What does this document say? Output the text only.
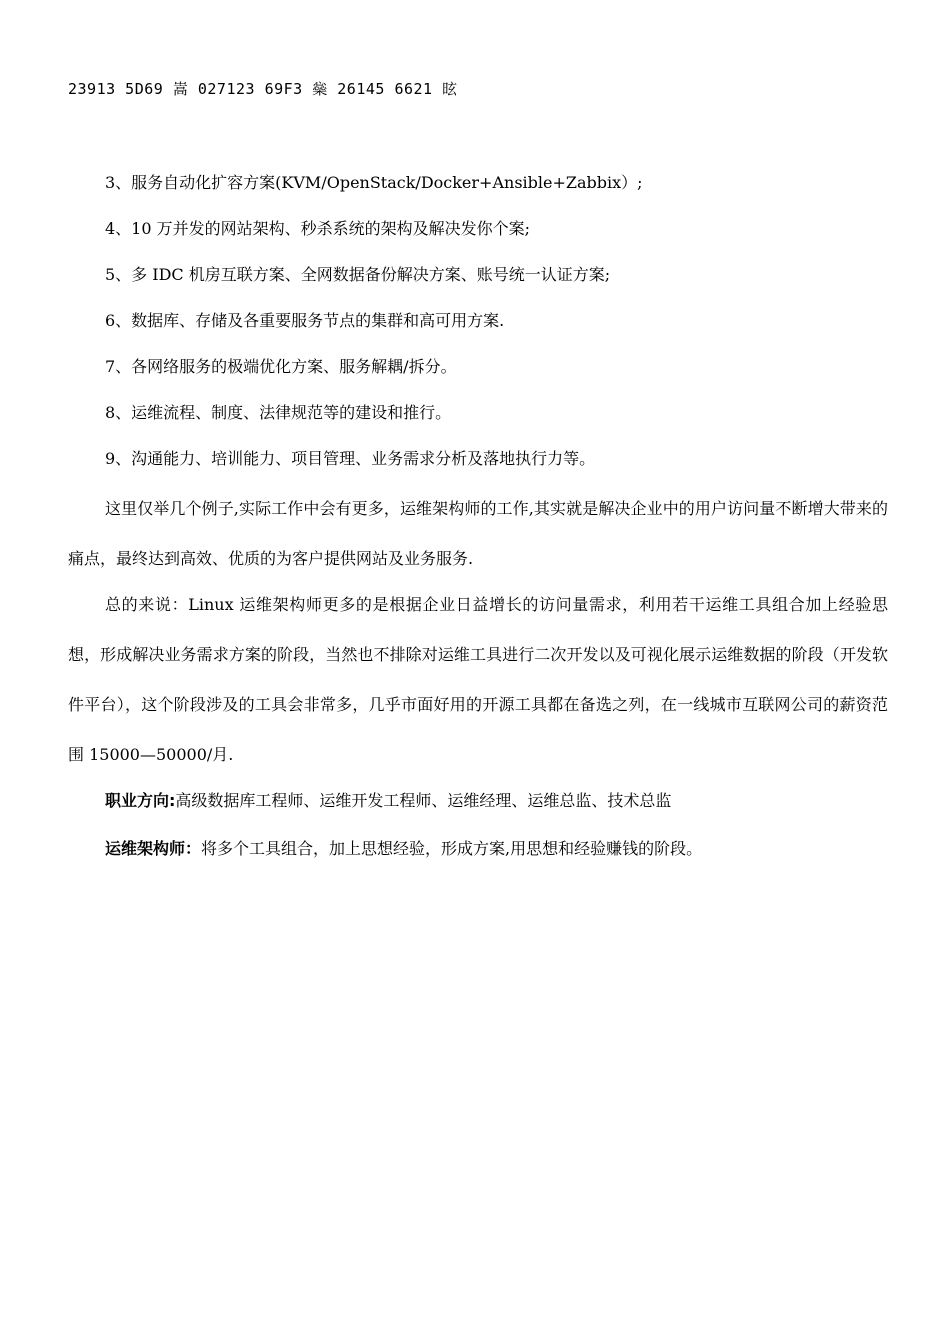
23913 5D69 嵩 027123 69F3 橤 26145 6621 昡
3、服务自动化扩容方案(KVM/OpenStack/Docker+Ansible+Zabbix）;
4、10 万并发的网站架构、秒杀系统的架构及解决发你个案;
5、多 IDC 机房互联方案、全网数据备份解决方案、账号统一认证方案;
6、数据库、存储及各重要服务节点的集群和高可用方案.
7、各网络服务的极端优化方案、服务解耦/拆分。
8、运维流程、制度、法律规范等的建设和推行。
9、沟通能力、培训能力、项目管理、业务需求分析及落地执行力等。

这里仅举几个例子,实际工作中会有更多，运维架构师的工作,其实就是解决企业中的用户访问量不断增大带来的痛点，最终达到高效、优质的为客户提供网站及业务服务.

总的来说：Linux 运维架构师更多的是根据企业日益增长的访问量需求，利用若干运维工具组合加上经验思想，形成解决业务需求方案的阶段，当然也不排除对运维工具进行二次开发以及可视化展示运维数据的阶段（开发软件平台），这个阶段涉及的工具会非常多，几乎市面好用的开源工具都在备选之列，在一线城市互联网公司的薪资范围 15000—50000/月.

职业方向:高级数据库工程师、运维开发工程师、运维经理、运维总监、技术总监
运维架构师：将多个工具组合，加上思想经验，形成方案,用思想和经验赚钱的阶段。
